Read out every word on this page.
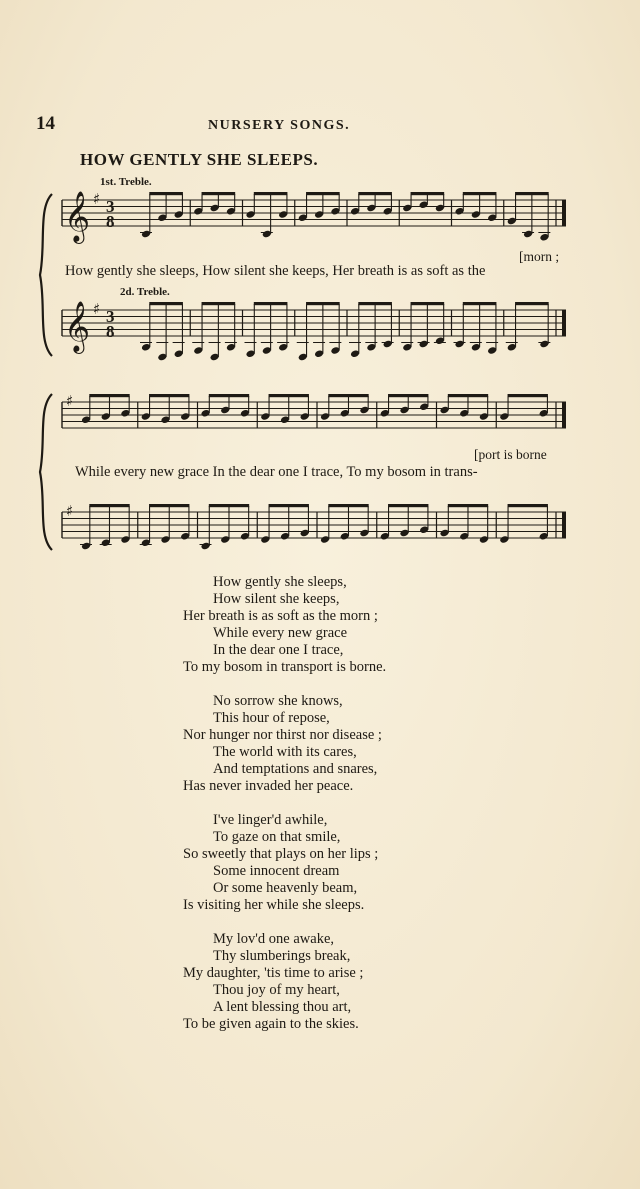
14	NURSERY SONGS.
HOW GENTLY SHE SLEEPS.
1st. Treble.
𝄞 ♯ 3
8
How gently she sleeps, How silent she keeps, Her breath is as soft as the
[morn ;
2d. Treble.
𝄞 ♯ 3
8
♯
[port is borne
While every new grace In the dear one I trace, To my bosom in trans-
♯
How gently she sleeps,
How silent she keeps,
Her breath is as soft as the morn ;
While every new grace
In the dear one I trace,
To my bosom in transport is borne.
No sorrow she knows,
This hour of repose,
Nor hunger nor thirst nor disease ;
The world with its cares,
And temptations and snares,
Has never invaded her peace.
I've linger'd awhile,
To gaze on that smile,
So sweetly that plays on her lips ;
Some innocent dream
Or some heavenly beam,
Is visiting her while she sleeps.
My lov'd one awake,
Thy slumberings break,
My daughter, 'tis time to arise ;
Thou joy of my heart,
A lent blessing thou art,
To be given again to the skies.
